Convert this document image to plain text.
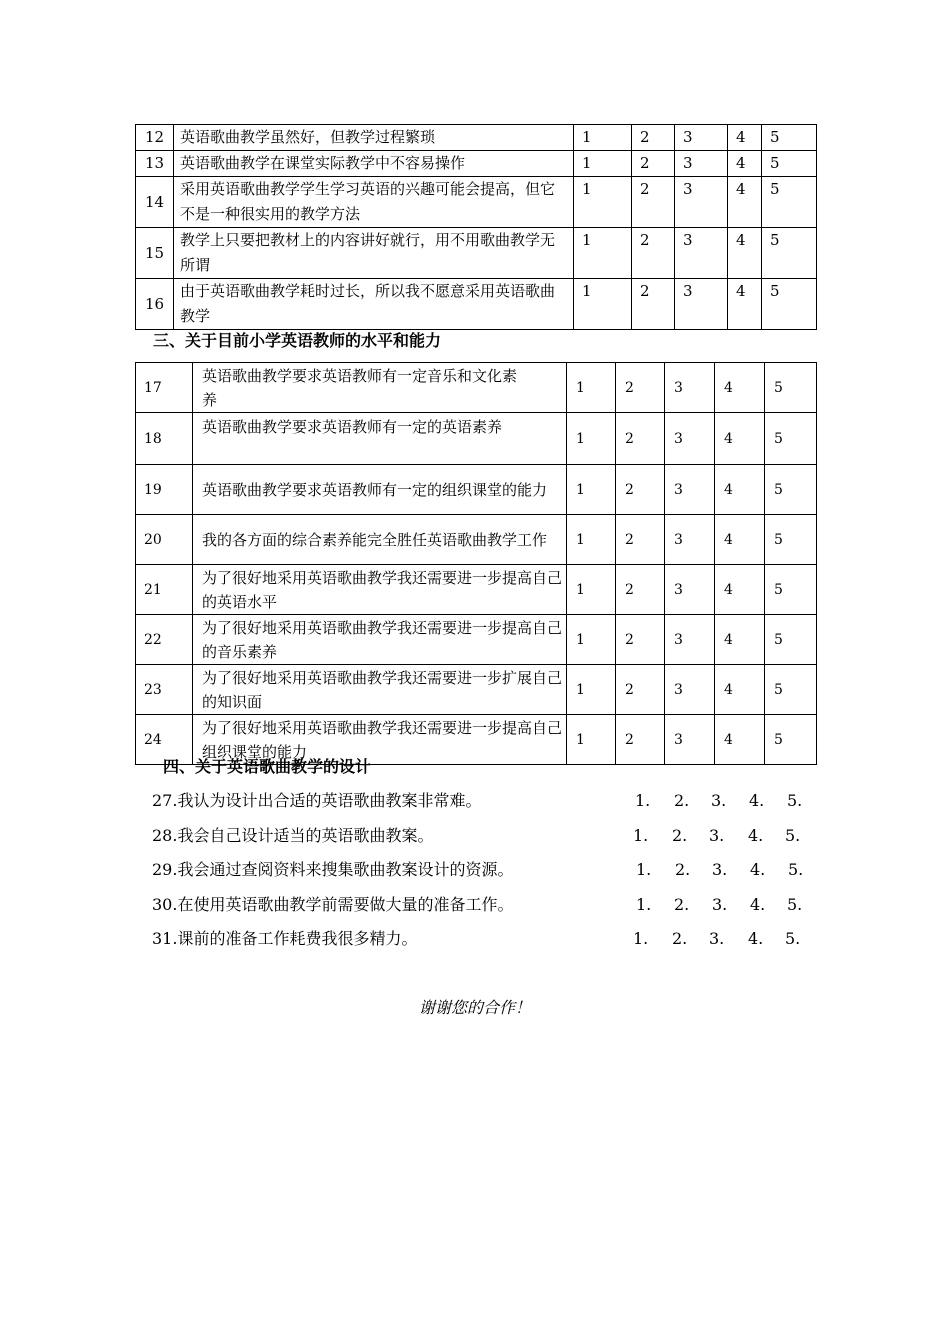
12	英语歌曲教学虽然好，但教学过程繁琐	1	2	3	4	5
13	英语歌曲教学在课堂实际教学中不容易操作	1	2	3	4	5
14	采用英语歌曲教学学生学习英语的兴趣可能会提高，但它不是一种很实用的教学方法	1	2	3	4	5
15	教学上只要把教材上的内容讲好就行，用不用歌曲教学无所谓	1	2	3	4	5
16	由于英语歌曲教学耗时过长，所以我不愿意采用英语歌曲教学	1	2	3	4	5
三、关于目前小学英语教师的水平和能力
17	英语歌曲教学要求英语教师有一定音乐和文化素养	1	2	3	4	5
18	英语歌曲教学要求英语教师有一定的英语素养	1	2	3	4	5
19	英语歌曲教学要求英语教师有一定的组织课堂的能力	1	2	3	4	5
20	我的各方面的综合素养能完全胜任英语歌曲教学工作	1	2	3	4	5
21	为了很好地采用英语歌曲教学我还需要进一步提高自己的英语水平	1	2	3	4	5
22	为了很好地采用英语歌曲教学我还需要进一步提高自己的音乐素养	1	2	3	4	5
23	为了很好地采用英语歌曲教学我还需要进一步扩展自己的知识面	1	2	3	4	5
24	为了很好地采用英语歌曲教学我还需要进一步提高自己组织课堂的能力	1	2	3	4	5
四、关于英语歌曲教学的设计
27.我认为设计出合适的英语歌曲教案非常难。	1. 2. 3. 4. 5.
28.我会自己设计适当的英语歌曲教案。	1. 2. 3. 4. 5.
29.我会通过查阅资料来搜集歌曲教案设计的资源。	1. 2. 3. 4. 5.
30.在使用英语歌曲教学前需要做大量的准备工作。	1. 2. 3. 4. 5.
31.课前的准备工作耗费我很多精力。	1. 2. 3. 4. 5.
谢谢您的合作！
